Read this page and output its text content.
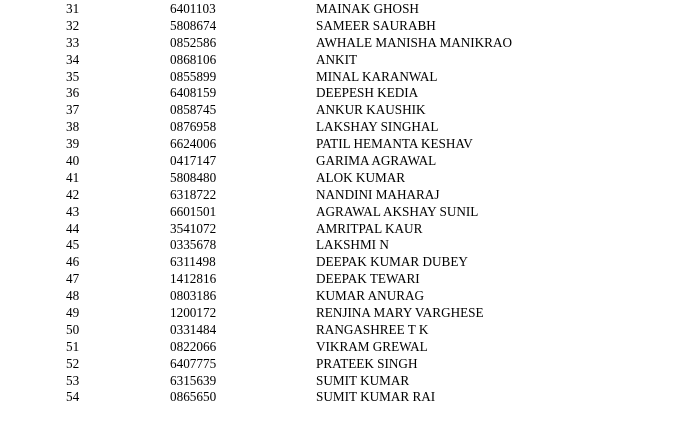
31	6401103	MAINAK GHOSH
32	5808674	SAMEER SAURABH
33	0852586	AWHALE MANISHA MANIKRAO
34	0868106	ANKIT
35	0855899	MINAL KARANWAL
36	6408159	DEEPESH KEDIA
37	0858745	ANKUR KAUSHIK
38	0876958	LAKSHAY SINGHAL
39	6624006	PATIL HEMANTA KESHAV
40	0417147	GARIMA AGRAWAL
41	5808480	ALOK KUMAR
42	6318722	NANDINI MAHARAJ
43	6601501	AGRAWAL AKSHAY SUNIL
44	3541072	AMRITPAL KAUR
45	0335678	LAKSHMI N
46	6311498	DEEPAK KUMAR DUBEY
47	1412816	DEEPAK TEWARI
48	0803186	KUMAR ANURAG
49	1200172	RENJINA MARY VARGHESE
50	0331484	RANGASHREE T K
51	0822066	VIKRAM GREWAL
52	6407775	PRATEEK SINGH
53	6315639	SUMIT KUMAR
54	0865650	SUMIT KUMAR RAI
